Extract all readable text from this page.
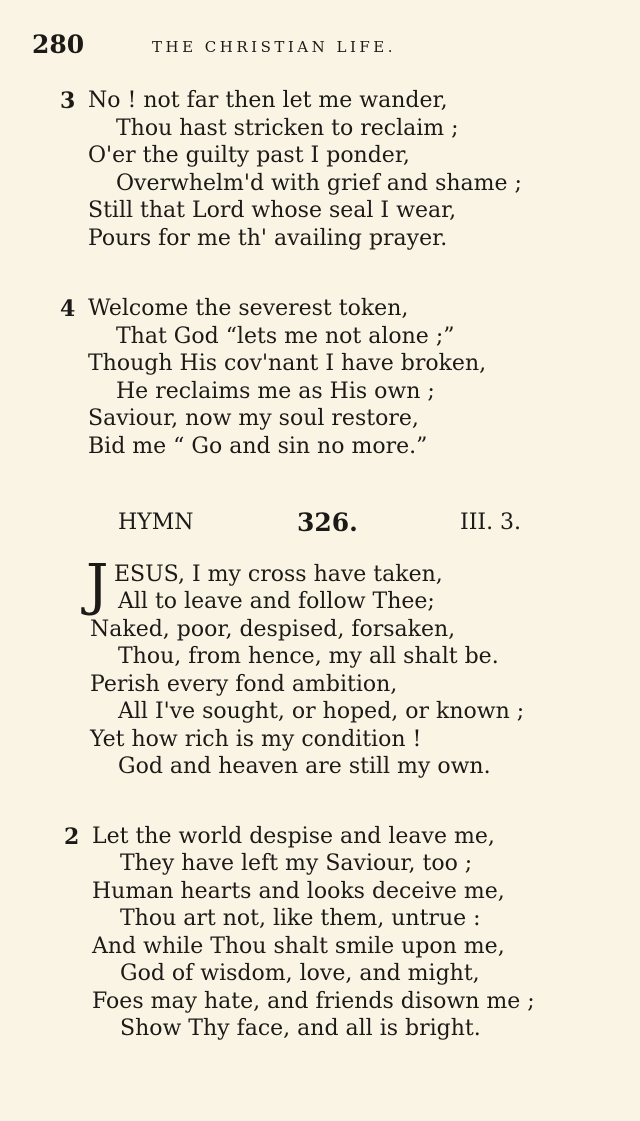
280	THE CHRISTIAN LIFE.
3 No ! not far then let me wander,
Thou hast stricken to reclaim ;
O'er the guilty past I ponder,
Overwhelm'd with grief and shame ;
Still that Lord whose seal I wear,
Pours for me th' availing prayer.
4 Welcome the severest token,
That God “lets me not alone ;”
Though His cov'nant I have broken,
He reclaims me as His own ;
Saviour, now my soul restore,
Bid me “ Go and sin no more.”
HYMN	326.	III. 3.
J ESUS, I my cross have taken,
All to leave and follow Thee;
Naked, poor, despised, forsaken,
Thou, from hence, my all shalt be.
Perish every fond ambition,
All I've sought, or hoped, or known ;
Yet how rich is my condition !
God and heaven are still my own.
2 Let the world despise and leave me,
They have left my Saviour, too ;
Human hearts and looks deceive me,
Thou art not, like them, untrue :
And while Thou shalt smile upon me,
God of wisdom, love, and might,
Foes may hate, and friends disown me ;
Show Thy face, and all is bright.
